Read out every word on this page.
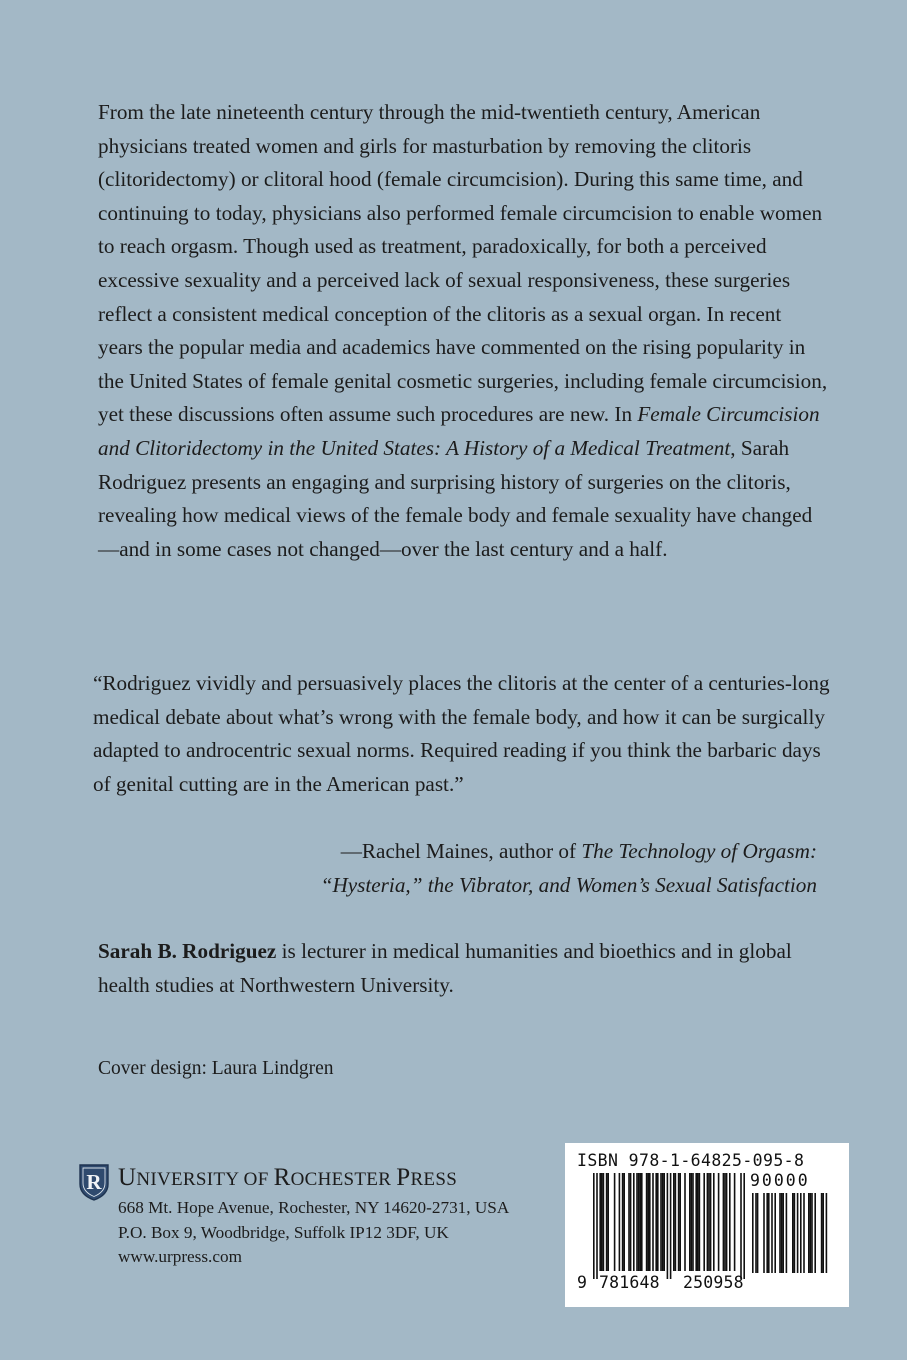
From the late nineteenth century through the mid-twentieth century, American physicians treated women and girls for masturbation by removing the clitoris (clitoridectomy) or clitoral hood (female circumcision). During this same time, and continuing to today, physicians also performed female circumcision to enable women to reach orgasm. Though used as treatment, paradoxically, for both a perceived excessive sexuality and a perceived lack of sexual responsiveness, these surgeries reflect a consistent medical conception of the clitoris as a sexual organ. In recent years the popular media and academics have commented on the rising popularity in the United States of female genital cosmetic surgeries, including female circumcision, yet these discussions often assume such procedures are new. In Female Circumcision and Clitoridectomy in the United States: A History of a Medical Treatment, Sarah Rodriguez presents an engaging and surprising history of surgeries on the clitoris, revealing how medical views of the female body and female sexuality have changed—and in some cases not changed—over the last century and a half.

“Rodriguez vividly and persuasively places the clitoris at the center of a centuries-long medical debate about what’s wrong with the female body, and how it can be surgically adapted to androcentric sexual norms. Required reading if you think the barbaric days of genital cutting are in the American past.”

—Rachel Maines, author of The Technology of Orgasm:
“Hysteria,” the Vibrator, and Women’s Sexual Satisfaction

Sarah B. Rodriguez is lecturer in medical humanities and bioethics and in global health studies at Northwestern University.

Cover design: Laura Lindgren

R UNIVERSITY OF ROCHESTER PRESS
668 Mt. Hope Avenue, Rochester, NY 14620-2731, USA
P.O. Box 9, Woodbridge, Suffolk IP12 3DF, UK
www.urpress.com
ISBN 978-1-64825-095-8
90000
9 781648 250958
